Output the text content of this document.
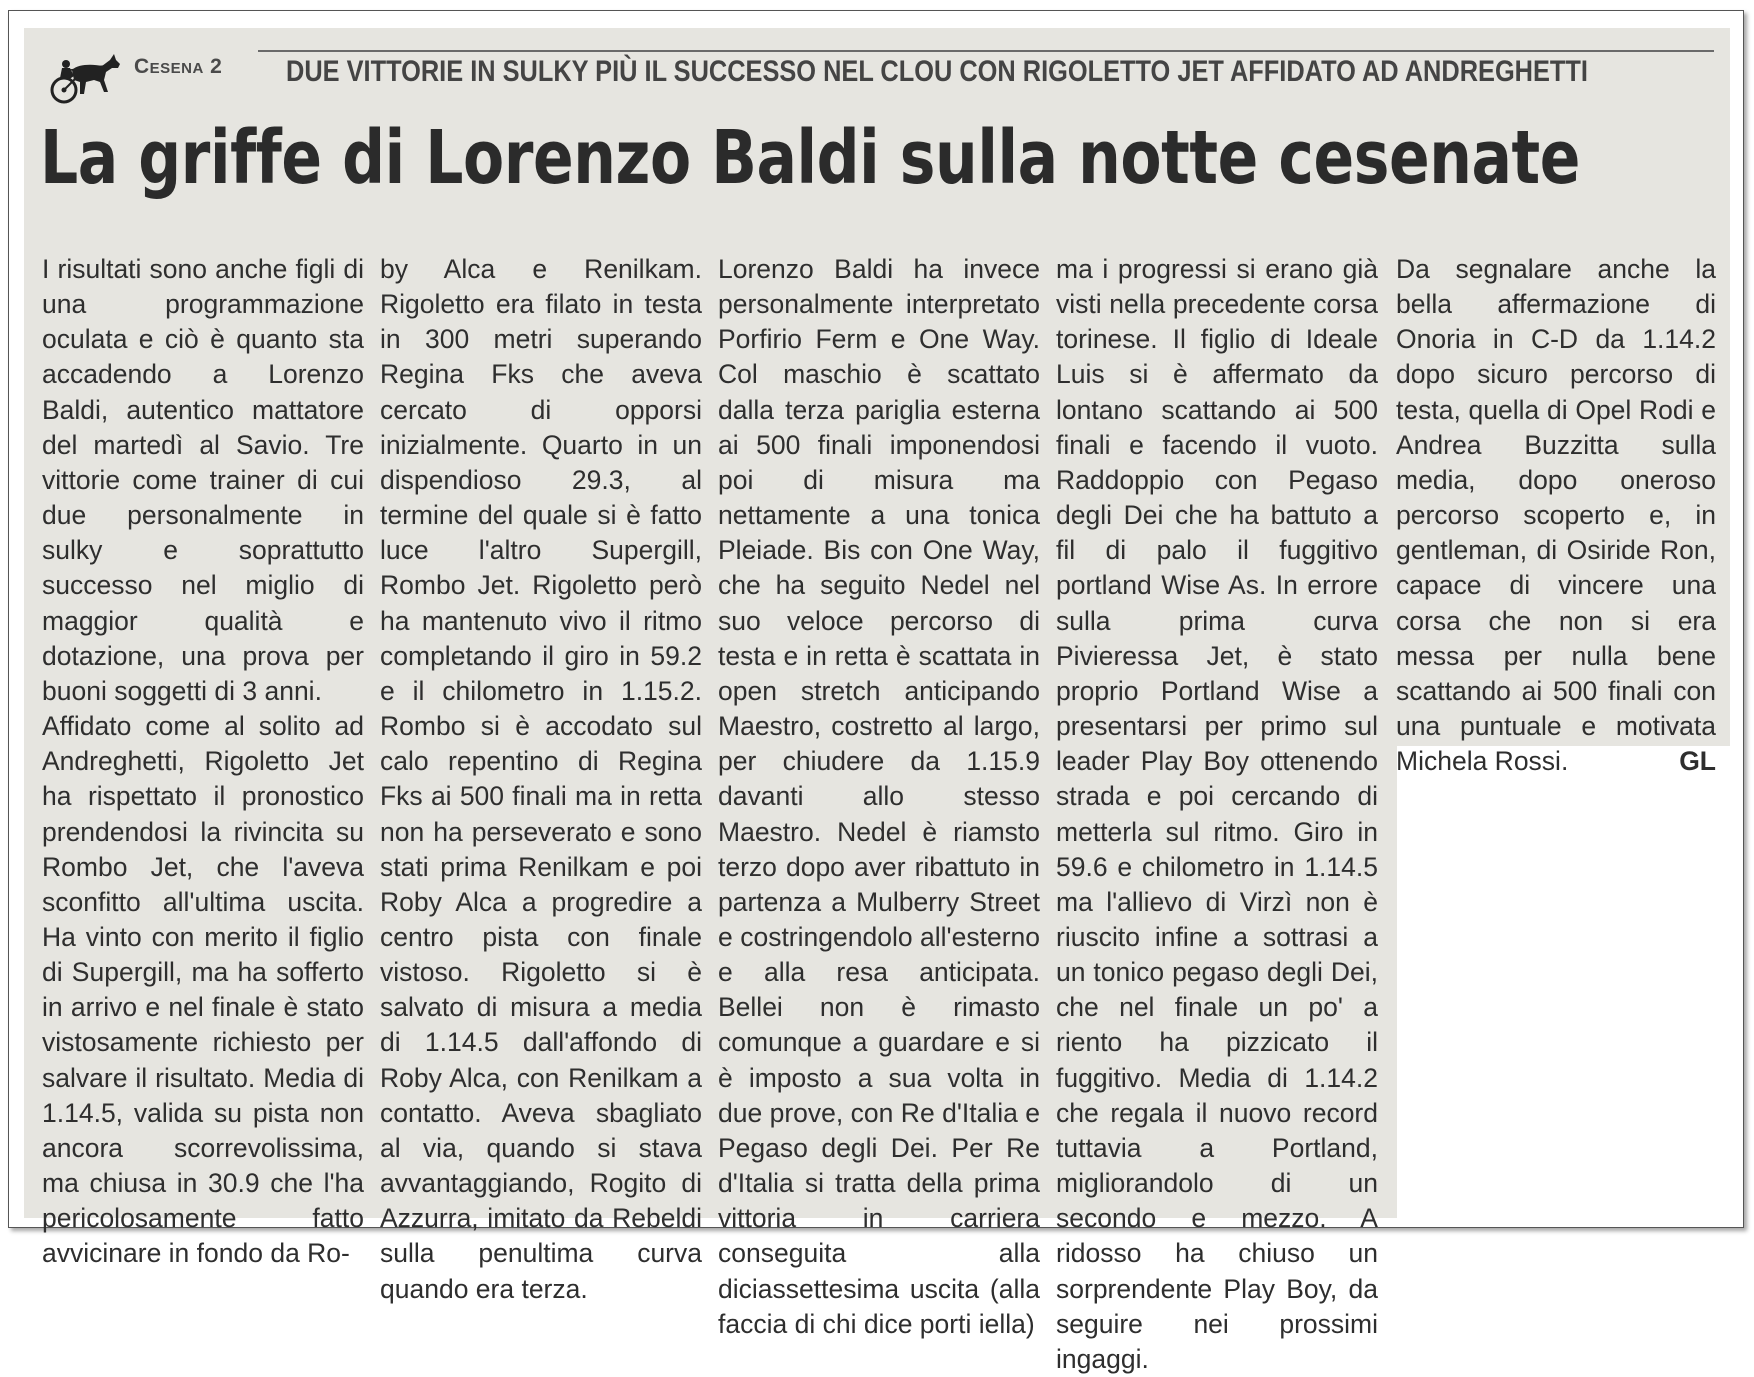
Cesena 2 DUE VITTORIE IN SULKY PIÙ IL SUCCESSO NEL CLOU CON RIGOLETTO JET AFFIDATO AD ANDREGHETTI
La griffe di Lorenzo Baldi sulla notte cesenate

I risultati sono anche figli di una programmazione oculata e ciò è quanto sta accadendo a Lorenzo Baldi, autentico mattatore del martedì al Savio. Tre vittorie come trainer di cui due personalmente in sulky e soprattutto successo nel miglio di maggior qualità e dotazione, una prova per buoni soggetti di 3 anni.

Affidato come al solito ad Andreghetti, Rigoletto Jet ha rispettato il pronostico prendendosi la rivincita su Rombo Jet, che l'aveva sconfitto all'ultima uscita. Ha vinto con merito il figlio di Supergill, ma ha sofferto in arrivo e nel finale è stato vistosamente richiesto per salvare il risultato. Media di 1.14.5, valida su pista non ancora scorrevolissima, ma chiusa in 30.9 che l'ha pericolosamente fatto avvicinare in fondo da Ro-

by Alca e Renilkam. Rigoletto era filato in testa in 300 metri superando Regina Fks che aveva cercato di opporsi inizialmente. Quarto in un dispendioso 29.3, al termine del quale si è fatto luce l'altro Supergill, Rombo Jet. Rigoletto però ha mantenuto vivo il ritmo completando il giro in 59.2 e il chilometro in 1.15.2. Rombo si è accodato sul calo repentino di Regina Fks ai 500 finali ma in retta non ha perseverato e sono stati prima Renilkam e poi Roby Alca a progredire a centro pista con finale vistoso. Rigoletto si è salvato di misura a media di 1.14.5 dall'affondo di Roby Alca, con Renilkam a contatto. Aveva sbagliato al via, quando si stava avvantaggiando, Rogito di Azzurra, imitato da Rebeldi sulla penultima curva quando era terza.

Lorenzo Baldi ha invece personalmente interpretato Porfirio Ferm e One Way. Col maschio è scattato dalla terza pariglia esterna ai 500 finali imponendosi poi di misura ma nettamente a una tonica Pleiade. Bis con One Way, che ha seguito Nedel nel suo veloce percorso di testa e in retta è scattata in open stretch anticipando Maestro, costretto al largo, per chiudere da 1.15.9 davanti allo stesso Maestro. Nedel è riamsto terzo dopo aver ribattuto in partenza a Mulberry Street e costringendolo all'esterno e alla resa anticipata. Bellei non è rimasto comunque a guardare e si è imposto a sua volta in due prove, con Re d'Italia e Pegaso degli Dei. Per Re d'Italia si tratta della prima vittoria in carriera conseguita alla diciassettesima uscita (alla faccia di chi dice porti iella)

ma i progressi si erano già visti nella precedente corsa torinese. Il figlio di Ideale Luis si è affermato da lontano scattando ai 500 finali e facendo il vuoto. Raddoppio con Pegaso degli Dei che ha battuto a fil di palo il fuggitivo portland Wise As. In errore sulla prima curva Pivieressa Jet, è stato proprio Portland Wise a presentarsi per primo sul leader Play Boy ottenendo strada e poi cercando di metterla sul ritmo. Giro in 59.6 e chilometro in 1.14.5 ma l'allievo di Virzì non è riuscito infine a sottrasi a un tonico pegaso degli Dei, che nel finale un po' a riento ha pizzicato il fuggitivo. Media di 1.14.2 che regala il nuovo record tuttavia a Portland, migliorandolo di un secondo e mezzo. A ridosso ha chiuso un sorprendente Play Boy, da seguire nei prossimi ingaggi.

Da segnalare anche la bella affermazione di Onoria in C-D da 1.14.2 dopo sicuro percorso di testa, quella di Opel Rodi e Andrea Buzzitta sulla media, dopo oneroso percorso scoperto e, in gentleman, di Osiride Ron, capace di vincere una corsa che non si era messa per nulla bene scattando ai 500 finali con una puntuale e motivata Michela Rossi.	GL
